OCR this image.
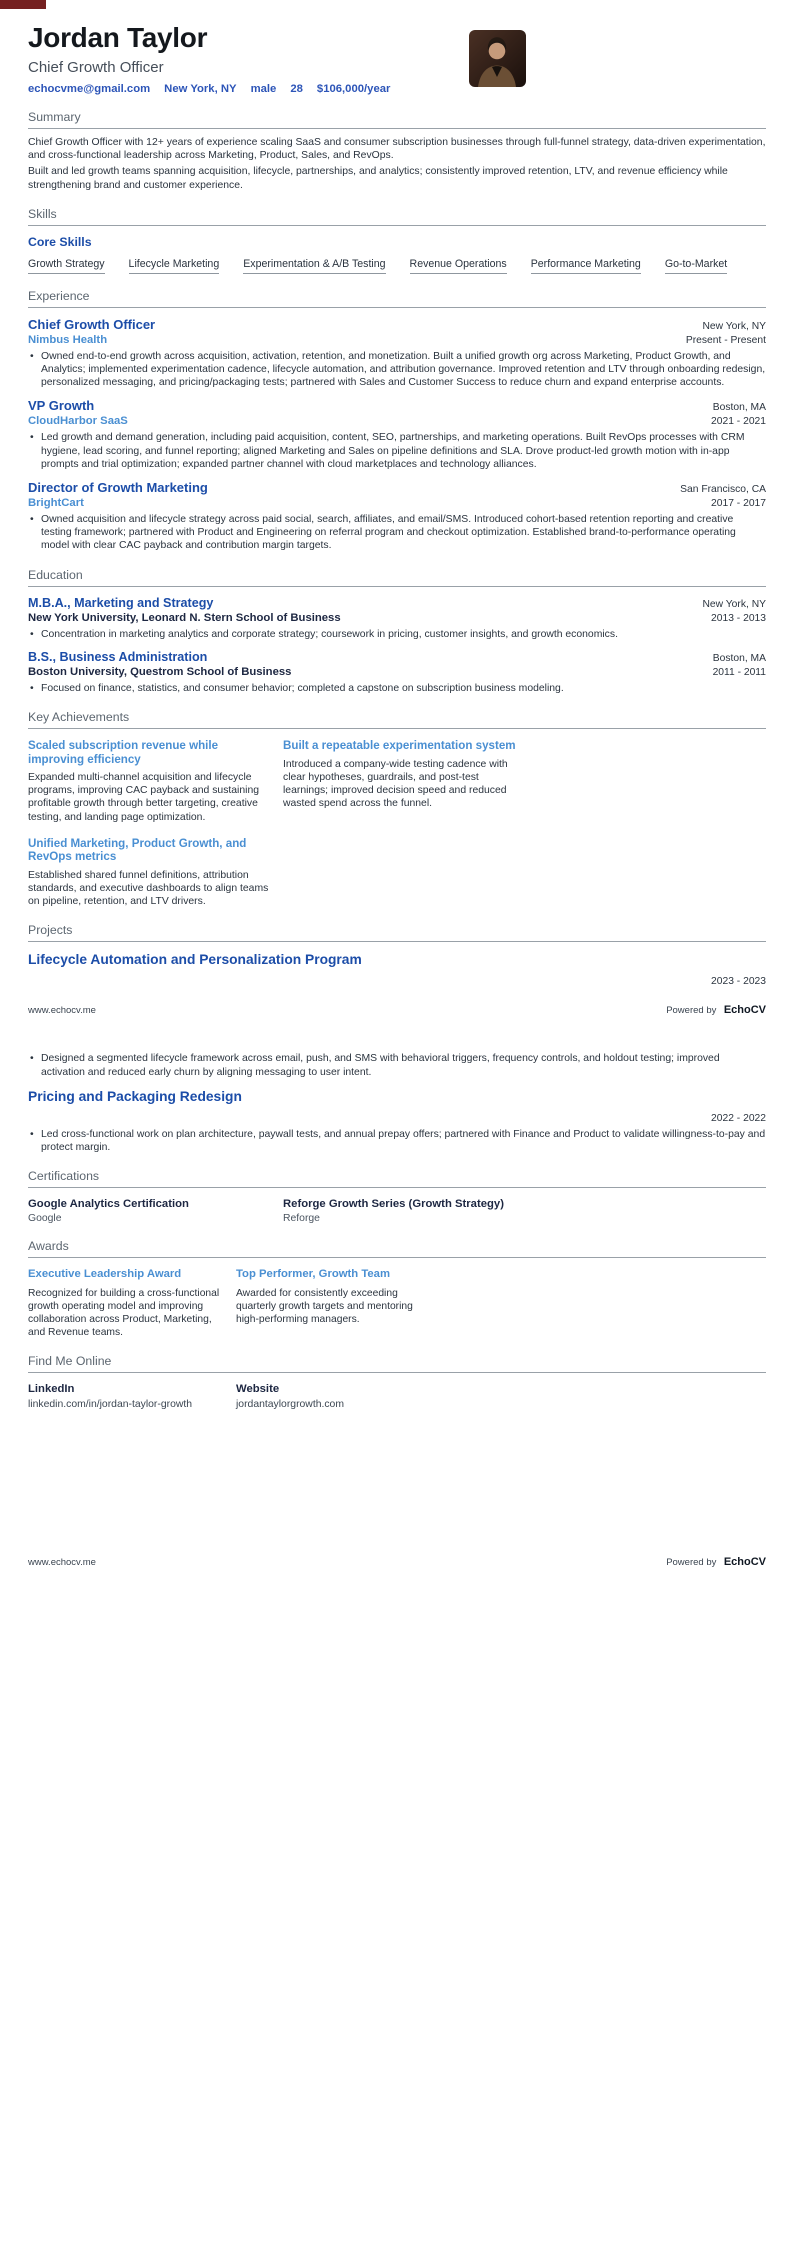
Jordan Taylor
Chief Growth Officer
echocvme@gmail.com New York, NY male 28 $106,000/year
Summary

Chief Growth Officer with 12+ years of experience scaling SaaS and consumer subscription businesses through full-funnel strategy, data-driven experimentation, and cross-functional leadership across Marketing, Product, Sales, and RevOps.

Built and led growth teams spanning acquisition, lifecycle, partnerships, and analytics; consistently improved retention, LTV, and revenue efficiency while strengthening brand and customer experience.

Skills
Core Skills
Growth Strategy Lifecycle Marketing Experimentation & A/B Testing Revenue Operations Performance Marketing Go-to-Market
Experience
Chief Growth Officer	New York, NY
Nimbus Health	Present - Present
• Owned end-to-end growth across acquisition, activation, retention, and monetization. Built a unified growth org across Marketing, Product Growth, and Analytics; implemented experimentation cadence, lifecycle automation, and attribution governance. Improved retention and LTV through onboarding redesign, personalized messaging, and pricing/packaging tests; partnered with Sales and Customer Success to reduce churn and expand enterprise accounts.
VP Growth	Boston, MA
CloudHarbor SaaS	2021 - 2021
• Led growth and demand generation, including paid acquisition, content, SEO, partnerships, and marketing operations. Built RevOps processes with CRM hygiene, lead scoring, and funnel reporting; aligned Marketing and Sales on pipeline definitions and SLA. Drove product-led growth motion with in-app prompts and trial optimization; expanded partner channel with cloud marketplaces and technology alliances.
Director of Growth Marketing	San Francisco, CA
BrightCart	2017 - 2017
• Owned acquisition and lifecycle strategy across paid social, search, affiliates, and email/SMS. Introduced cohort-based retention reporting and creative testing framework; partnered with Product and Engineering on referral program and checkout optimization. Established brand-to-performance operating model with clear CAC payback and contribution margin targets.
Education
M.B.A., Marketing and Strategy	New York, NY
New York University, Leonard N. Stern School of Business	2013 - 2013
• Concentration in marketing analytics and corporate strategy; coursework in pricing, customer insights, and growth economics.
B.S., Business Administration	Boston, MA
Boston University, Questrom School of Business	2011 - 2011
• Focused on finance, statistics, and consumer behavior; completed a capstone on subscription business modeling.
Key Achievements
Scaled subscription revenue while improving efficiency
Expanded multi-channel acquisition and lifecycle programs, improving CAC payback and sustaining profitable growth through better targeting, creative testing, and landing page optimization.
Unified Marketing, Product Growth, and RevOps metrics
Established shared funnel definitions, attribution standards, and executive dashboards to align teams on pipeline, retention, and LTV drivers.
Built a repeatable experimentation system
Introduced a company-wide testing cadence with clear hypotheses, guardrails, and post-test learnings; improved decision speed and reduced wasted spend across the funnel.
Projects
Lifecycle Automation and Personalization Program
2023 - 2023
www.echocv.me	Powered by EchoCV
• Designed a segmented lifecycle framework across email, push, and SMS with behavioral triggers, frequency controls, and holdout testing; improved activation and reduced early churn by aligning messaging to user intent.
Pricing and Packaging Redesign
2022 - 2022
• Led cross-functional work on plan architecture, paywall tests, and annual prepay offers; partnered with Finance and Product to validate willingness-to-pay and protect margin.
Certifications
Google Analytics Certification
Google
Reforge Growth Series (Growth Strategy)
Reforge
Awards
Executive Leadership Award
Recognized for building a cross-functional growth operating model and improving collaboration across Product, Marketing, and Revenue teams.
Top Performer, Growth Team
Awarded for consistently exceeding quarterly growth targets and mentoring high-performing managers.
Find Me Online
LinkedIn
linkedin.com/in/jordan-taylor-growth
Website
jordantaylorgrowth.com
www.echocv.me	Powered by EchoCV
